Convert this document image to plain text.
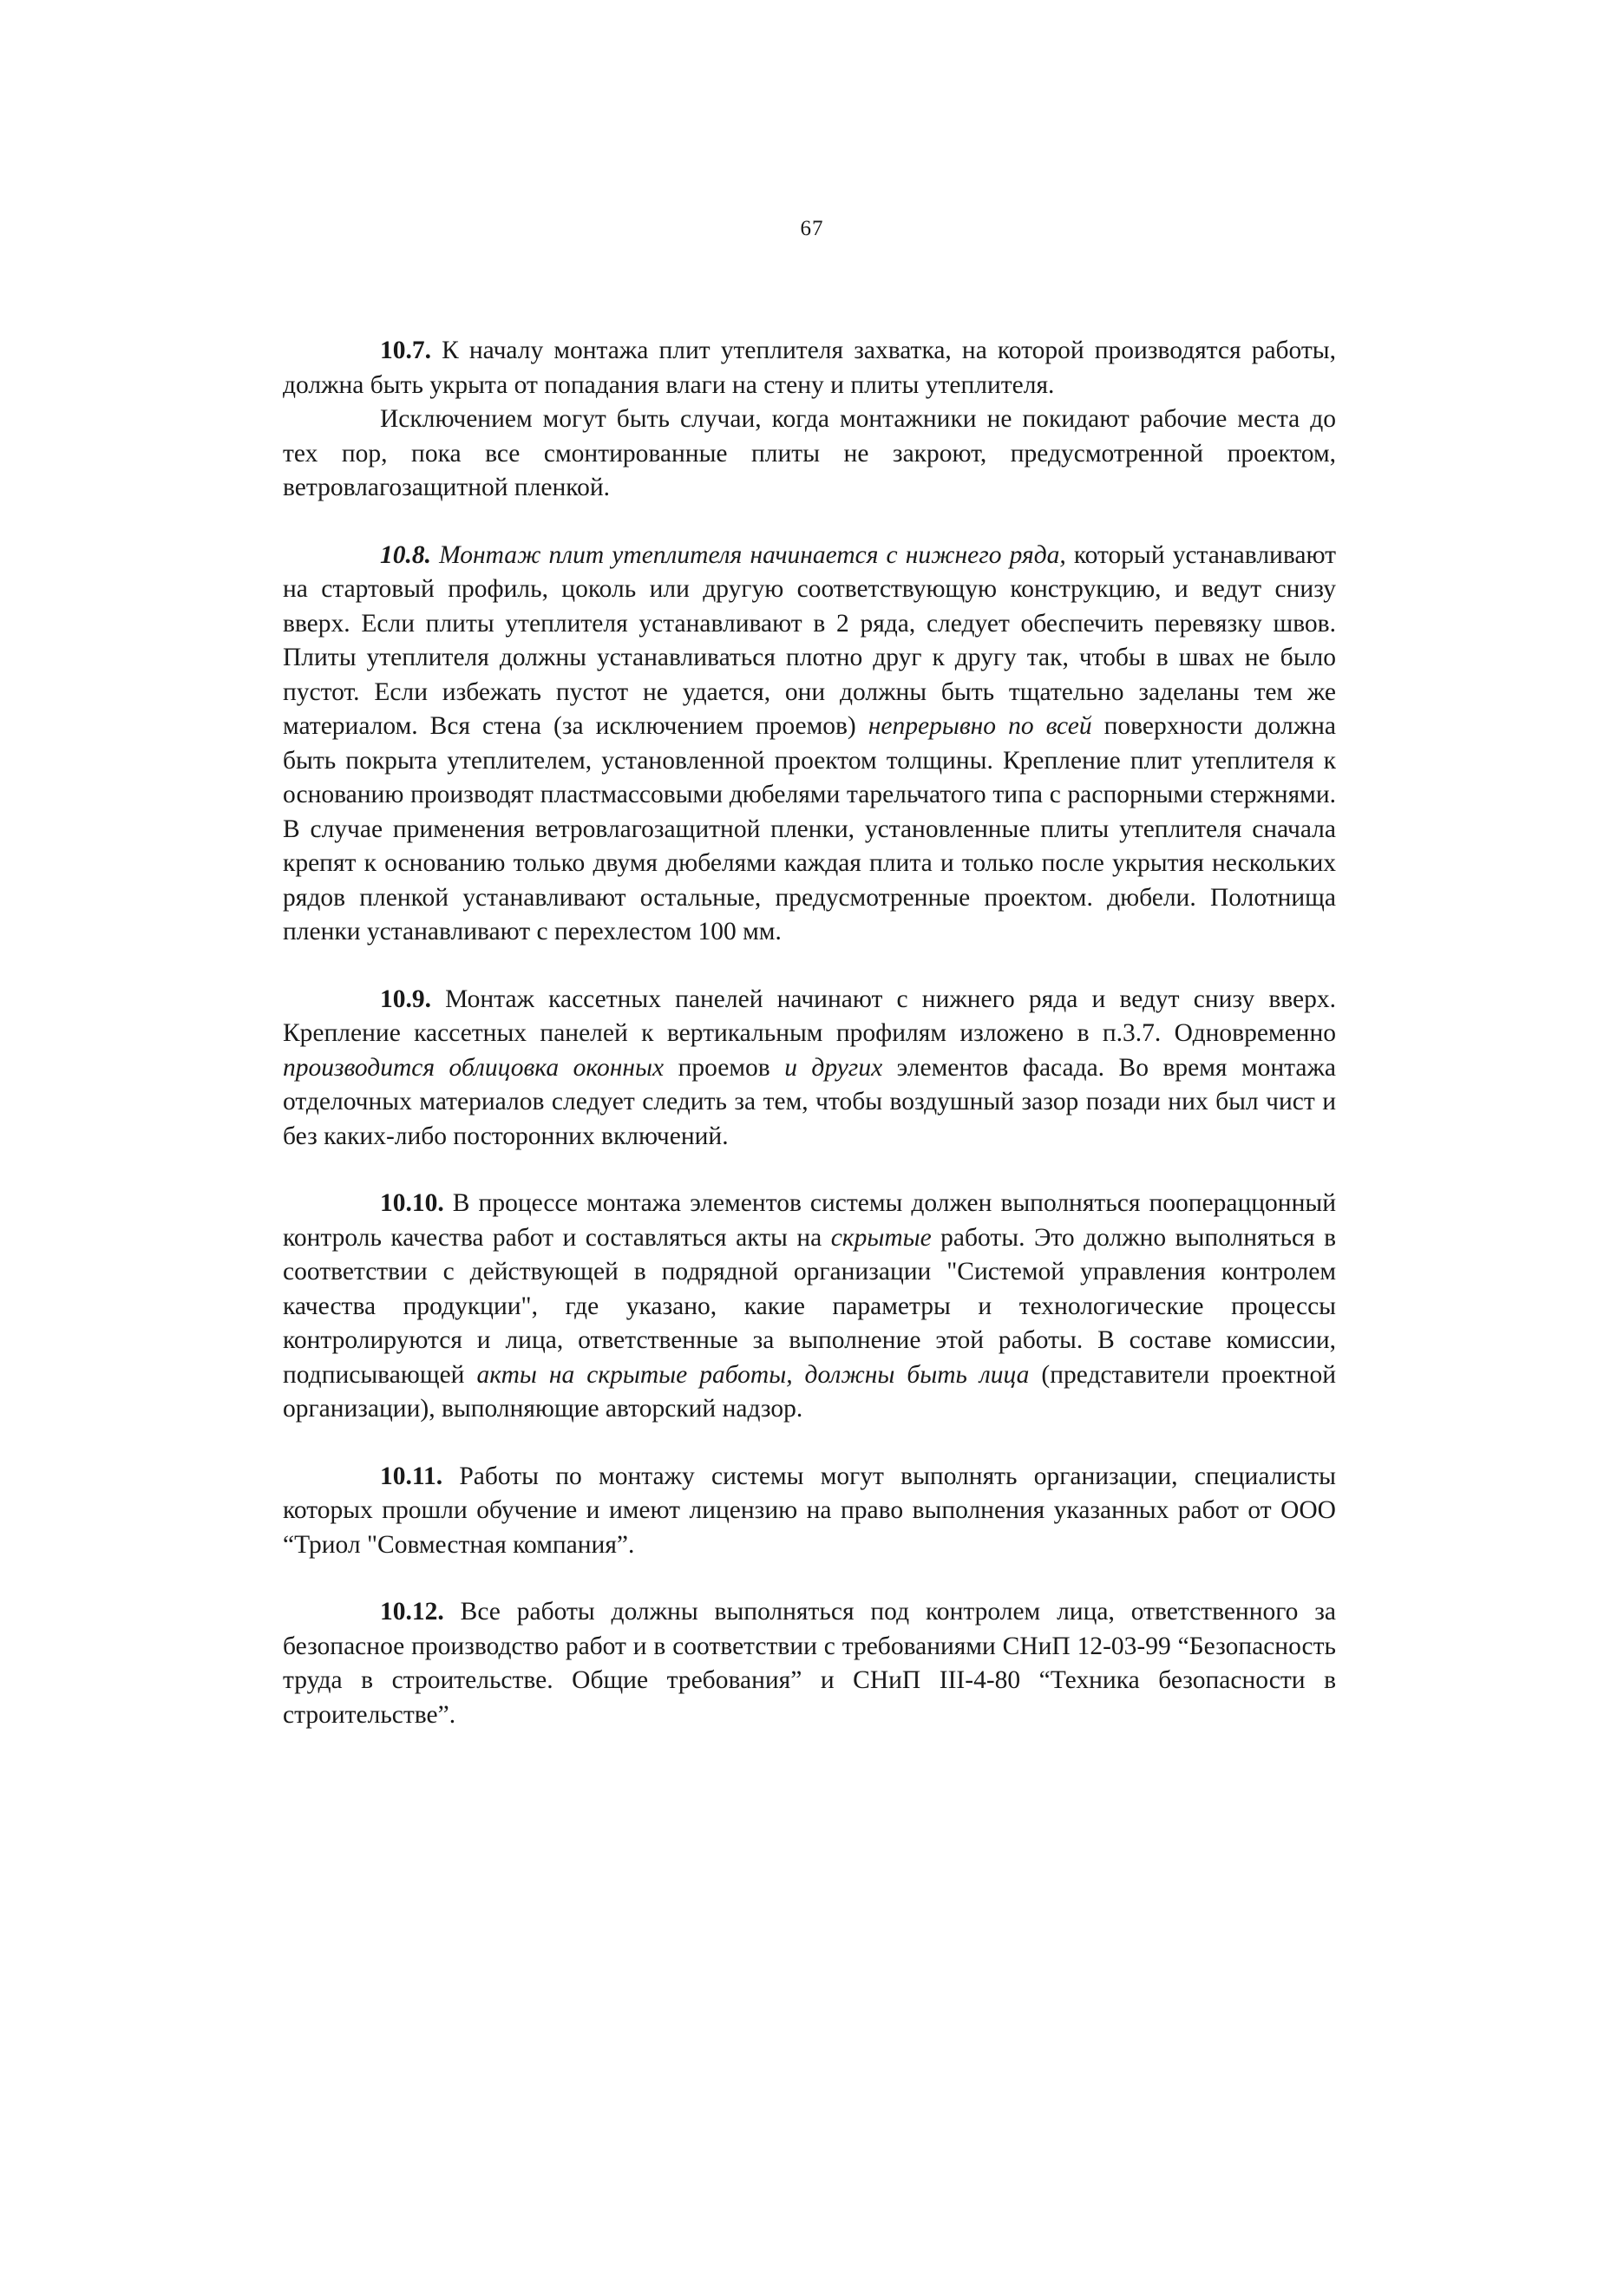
67

10.7. К началу монтажа плит утеплителя захватка, на которой производятся работы, должна быть укрыта от попадания влаги на стену и плиты утеплителя.

Исключением могут быть случаи, когда монтажники не покидают рабочие места до тех пор, пока все смонтированные плиты не закроют, предусмотренной проектом, ветровлагозащитной пленкой.

10.8. Монтаж плит утеплителя начинается с нижнего ряда, который устанавливают на стартовый профиль, цоколь или другую соответствующую конструкцию, и ведут снизу вверх. Если плиты утеплителя устанавливают в 2 ряда, следует обеспечить перевязку швов. Плиты утеплителя должны устанавливаться плотно друг к другу так, чтобы в швах не было пустот. Если избежать пустот не удается, они должны быть тщательно заделаны тем же материалом. Вся стена (за исключением проемов) непрерывно по всей поверхности должна быть покрыта утеплителем, установленной проектом толщины. Крепление плит утеплителя к основанию производят пластмассовыми дюбелями тарельчатого типа с распорными стержнями. В случае применения ветровлагозащитной пленки, установленные плиты утеплителя сначала крепят к основанию только двумя дюбелями каждая плита и только после укрытия нескольких рядов пленкой устанавливают остальные, предусмотренные проектом. дюбели. Полотнища пленки устанавливают с перехлестом 100 мм.

10.9. Монтаж кассетных панелей начинают с нижнего ряда и ведут снизу вверх. Крепление кассетных панелей к вертикальным профилям изложено в п.3.7. Одновременно производится облицовка оконных проемов и других элементов фасада. Во время монтажа отделочных материалов следует следить за тем, чтобы воздушный зазор позади них был чист и без каких-либо посторонних включений.

10.10. В процессе монтажа элементов системы должен выполняться поопераццонный контроль качества работ и составляться акты на скрытые работы. Это должно выполняться в соответствии с действующей в подрядной организации "Системой управления контролем качества продукции", где указано, какие параметры и технологические процессы контролируются и лица, ответственные за выполнение этой работы. В составе комиссии, подписывающей акты на скрытые работы, должны быть лица (представители проектной организации), выполняющие авторский надзор.

10.11. Работы по монтажу системы могут выполнять организации, специалисты которых прошли обучение и имеют лицензию на право выполнения указанных работ от ООО “Триол "Совместная компания”.

10.12. Все работы должны выполняться под контролем лица, ответственного за безопасное производство работ и в соответствии с требованиями СНиП 12-03-99 “Безопасность труда в строительстве. Общие требования” и СНиП III-4-80 “Техника безопасности в строительстве”.
